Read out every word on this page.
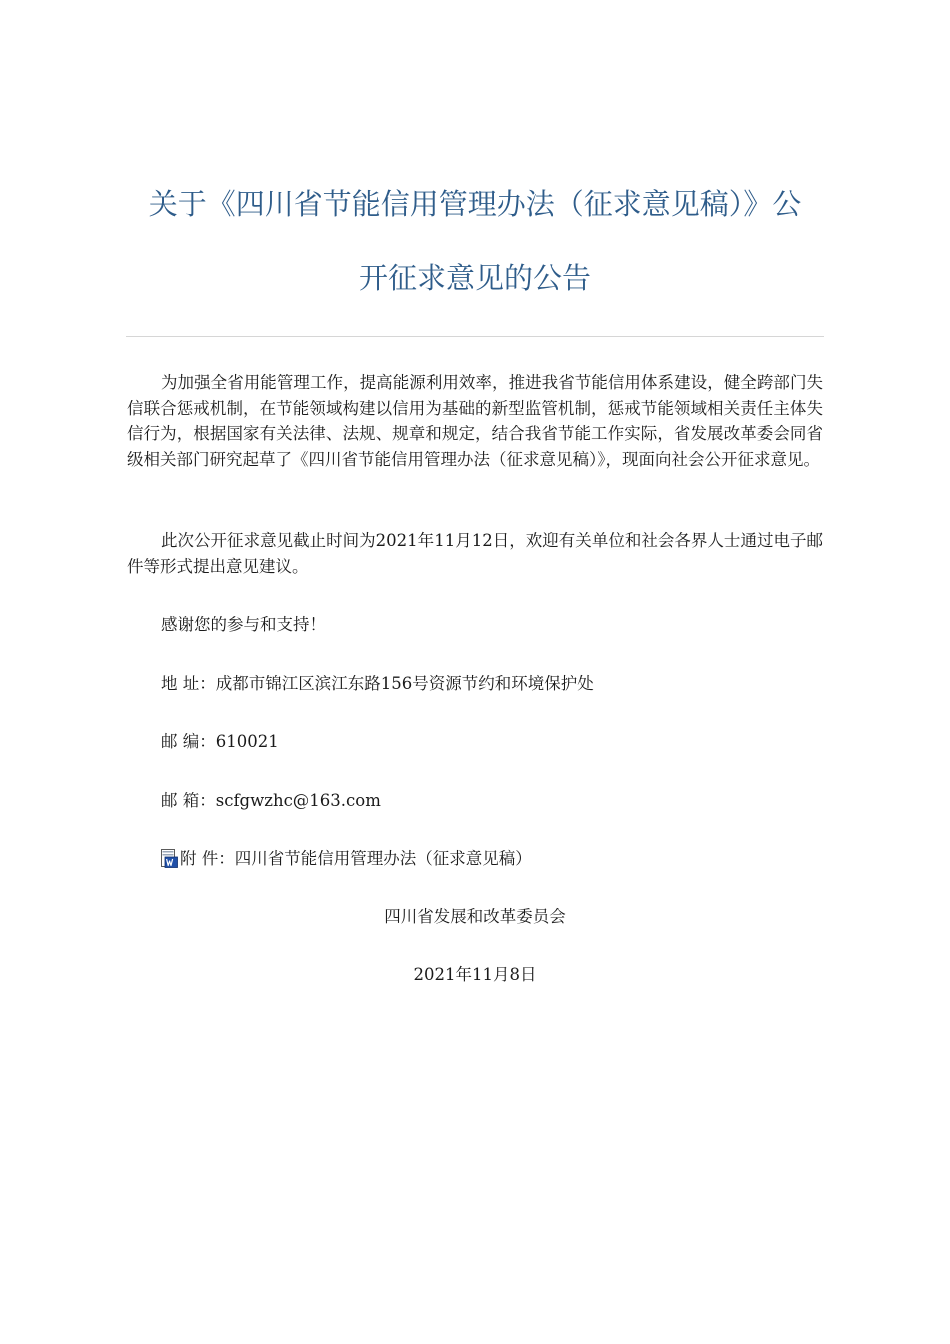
关于《四川省节能信用管理办法（征求意见稿）》公
开征求意见的公告

为加强全省用能管理工作，提高能源利用效率，推进我省节能信用体系建设，健全跨部门失信联合惩戒机制，在节能领域构建以信用为基础的新型监管机制，惩戒节能领域相关责任主体失信行为，根据国家有关法律、法规、规章和规定，结合我省节能工作实际，省发展改革委会同省级相关部门研究起草了《四川省节能信用管理办法（征求意见稿）》，现面向社会公开征求意见。

此次公开征求意见截止时间为2021年11月12日，欢迎有关单位和社会各界人士通过电子邮件等形式提出意见建议。

感谢您的参与和支持！
地 址：成都市锦江区滨江东路156号资源节约和环境保护处
邮 编：610021
邮 箱：scfgwzhc@163.com
附 件：四川省节能信用管理办法（征求意见稿）
四川省发展和改革委员会
2021年11月8日
